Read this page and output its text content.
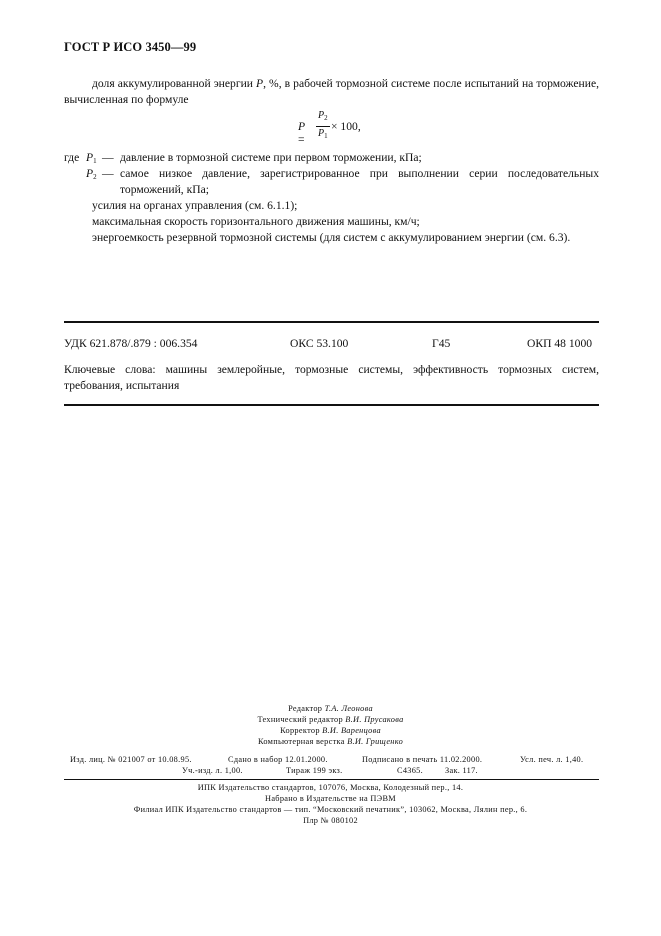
ГОСТ Р ИСО 3450—99
доля аккумулированной энергии P, %, в рабочей тормозной системе после испытаний на торможение, вычисленная по формуле
P =
$P_2$
$P_1$
× 100,
где $P_1$ — давление в тормозной системе при первом торможении, кПа;
$P_2$ — самое низкое давление, зарегистрированное при выполнении серии последовательных торможений, кПа;
усилия на органах управления (см. 6.1.1);
максимальная скорость горизонтального движения машины, км/ч;
энергоемкость резервной тормозной системы (для систем с аккумулированием энергии (см. 6.3).
УДК 621.878/.879 : 006.354	ОКС 53.100	Г45	ОКП 48 1000
Ключевые слова: машины землеройные, тормозные системы, эффективность тормозных систем, требования, испытания
Редактор Т.А. Леонова
Технический редактор В.И. Прусакова
Корректор В.И. Варенцова
Компьютерная верстка В.И. Грищенко
Изд. лиц. № 021007 от 10.08.95.	Сдано в набор 12.01.2000.	Подписано в печать 11.02.2000.	Усл. печ. л. 1,40.
Уч.-изд. л. 1,00.	Тираж 199 экз.	С4365.	Зак. 117.
ИПК Издательство стандартов, 107076, Москва, Колодезный пер., 14.
Набрано в Издательстве на ПЭВМ
Филиал ИПК Издательство стандартов — тип. “Московский печатник”, 103062, Москва, Лялин пер., 6.
Плр № 080102
